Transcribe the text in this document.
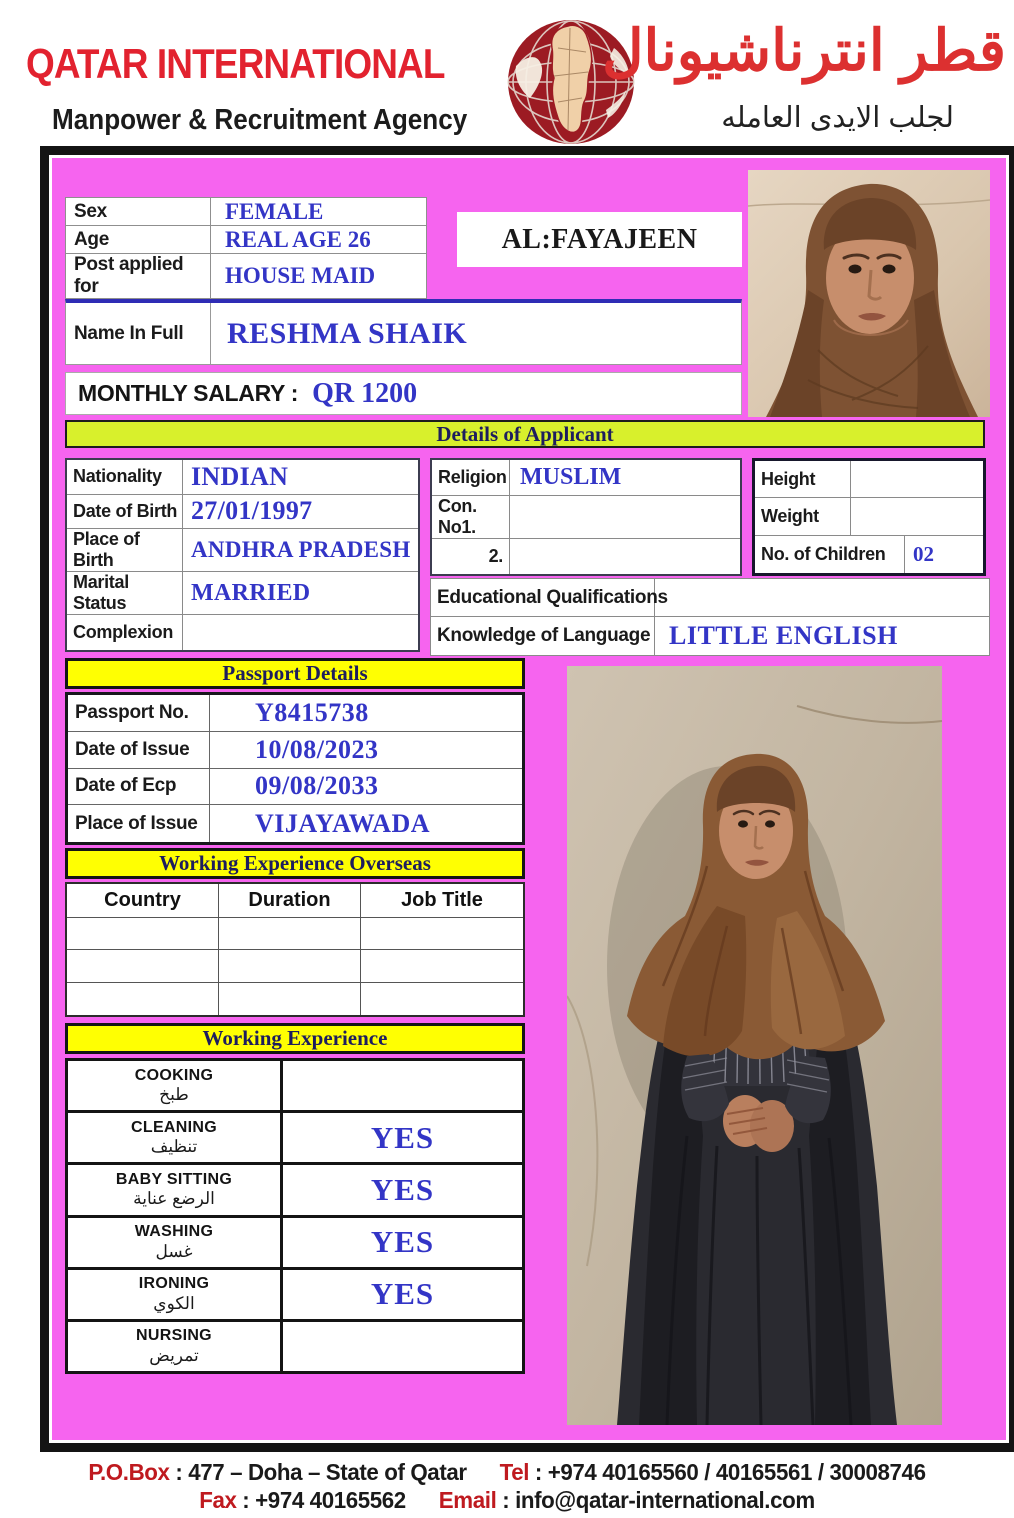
QATAR INTERNATIONAL
Manpower & Recruitment Agency
قطر انترناشيونال
لجلب الايدى العامله
Sex	FEMALE
Age	REAL AGE 26
Post applied for	HOUSE MAID
AL:FAYAJEEN
Name In Full	RESHMA SHAIK
MONTHLY SALARY : QR 1200
Details of Applicant
Nationality	INDIAN
Date of Birth 27/01/1997
Place of Birth	ANDHRA PRADESH
Marital Status	MARRIED
Complexion
Religion MUSLIM
Con. No1.
2.
Height
Weight
No. of Children	02
Educational Qualifications
Knowledge of Language LITTLE ENGLISH
Passport Details
Passport No.	Y8415738
Date of Issue	10/08/2023
Date of Ecp	09/08/2033
Place of Issue	VIJAYAWADA
Working Experience Overseas
Country	Duration	Job Title
Working Experience
COOKING
طبخ
CLEANING
تنظيف	YES
BABY SITTING
الرضع عناية	YES
WASHING
غسل	YES
IRONING
الكوي	YES
NURSING
تمريض
P.O.Box : 477 – Doha – State of Qatar Tel : +974 40165560 / 40165561 / 30008746
Fax : +974 40165562 Email : info@qatar-international.com
